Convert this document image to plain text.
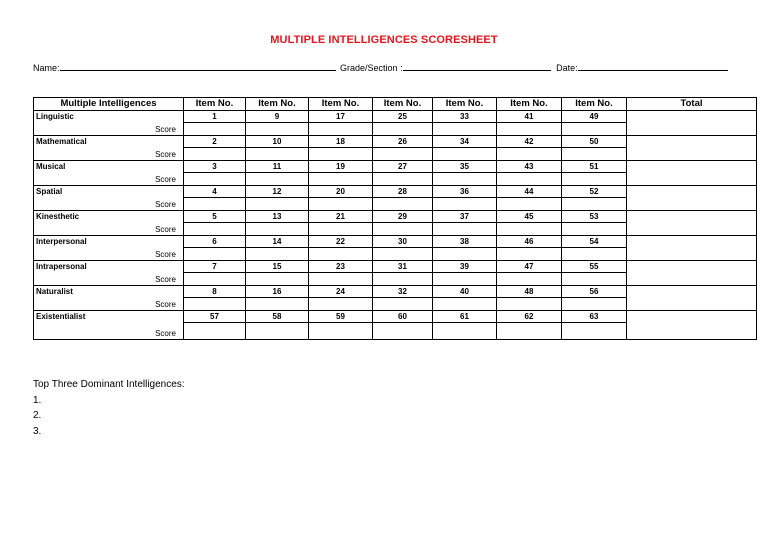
MULTIPLE INTELLIGENCES SCORESHEET
Name:	Grade/Section :	Date:
Multiple Intelligences	Item No.	Item No.	Item No.	Item No.	Item No.	Item No.	Item No.	Total

Linguistic
Score	1	9	17	25	33	41	49	

Mathematical
Score	2	10	18	26	34	42	50	

Musical
Score	3	11	19	27	35	43	51	

Spatial
Score	4	12	20	28	36	44	52	

Kinesthetic
Score	5	13	21	29	37	45	53	

Interpersonal
Score	6	14	22	30	38	46	54	

Intrapersonal
Score	7	15	23	31	39	47	55	

Naturalist
Score	8	16	24	32	40	48	56	

Existentialist
Score	57	58	59	60	61	62	63	

Top Three Dominant Intelligences:
1.
2.
3.
